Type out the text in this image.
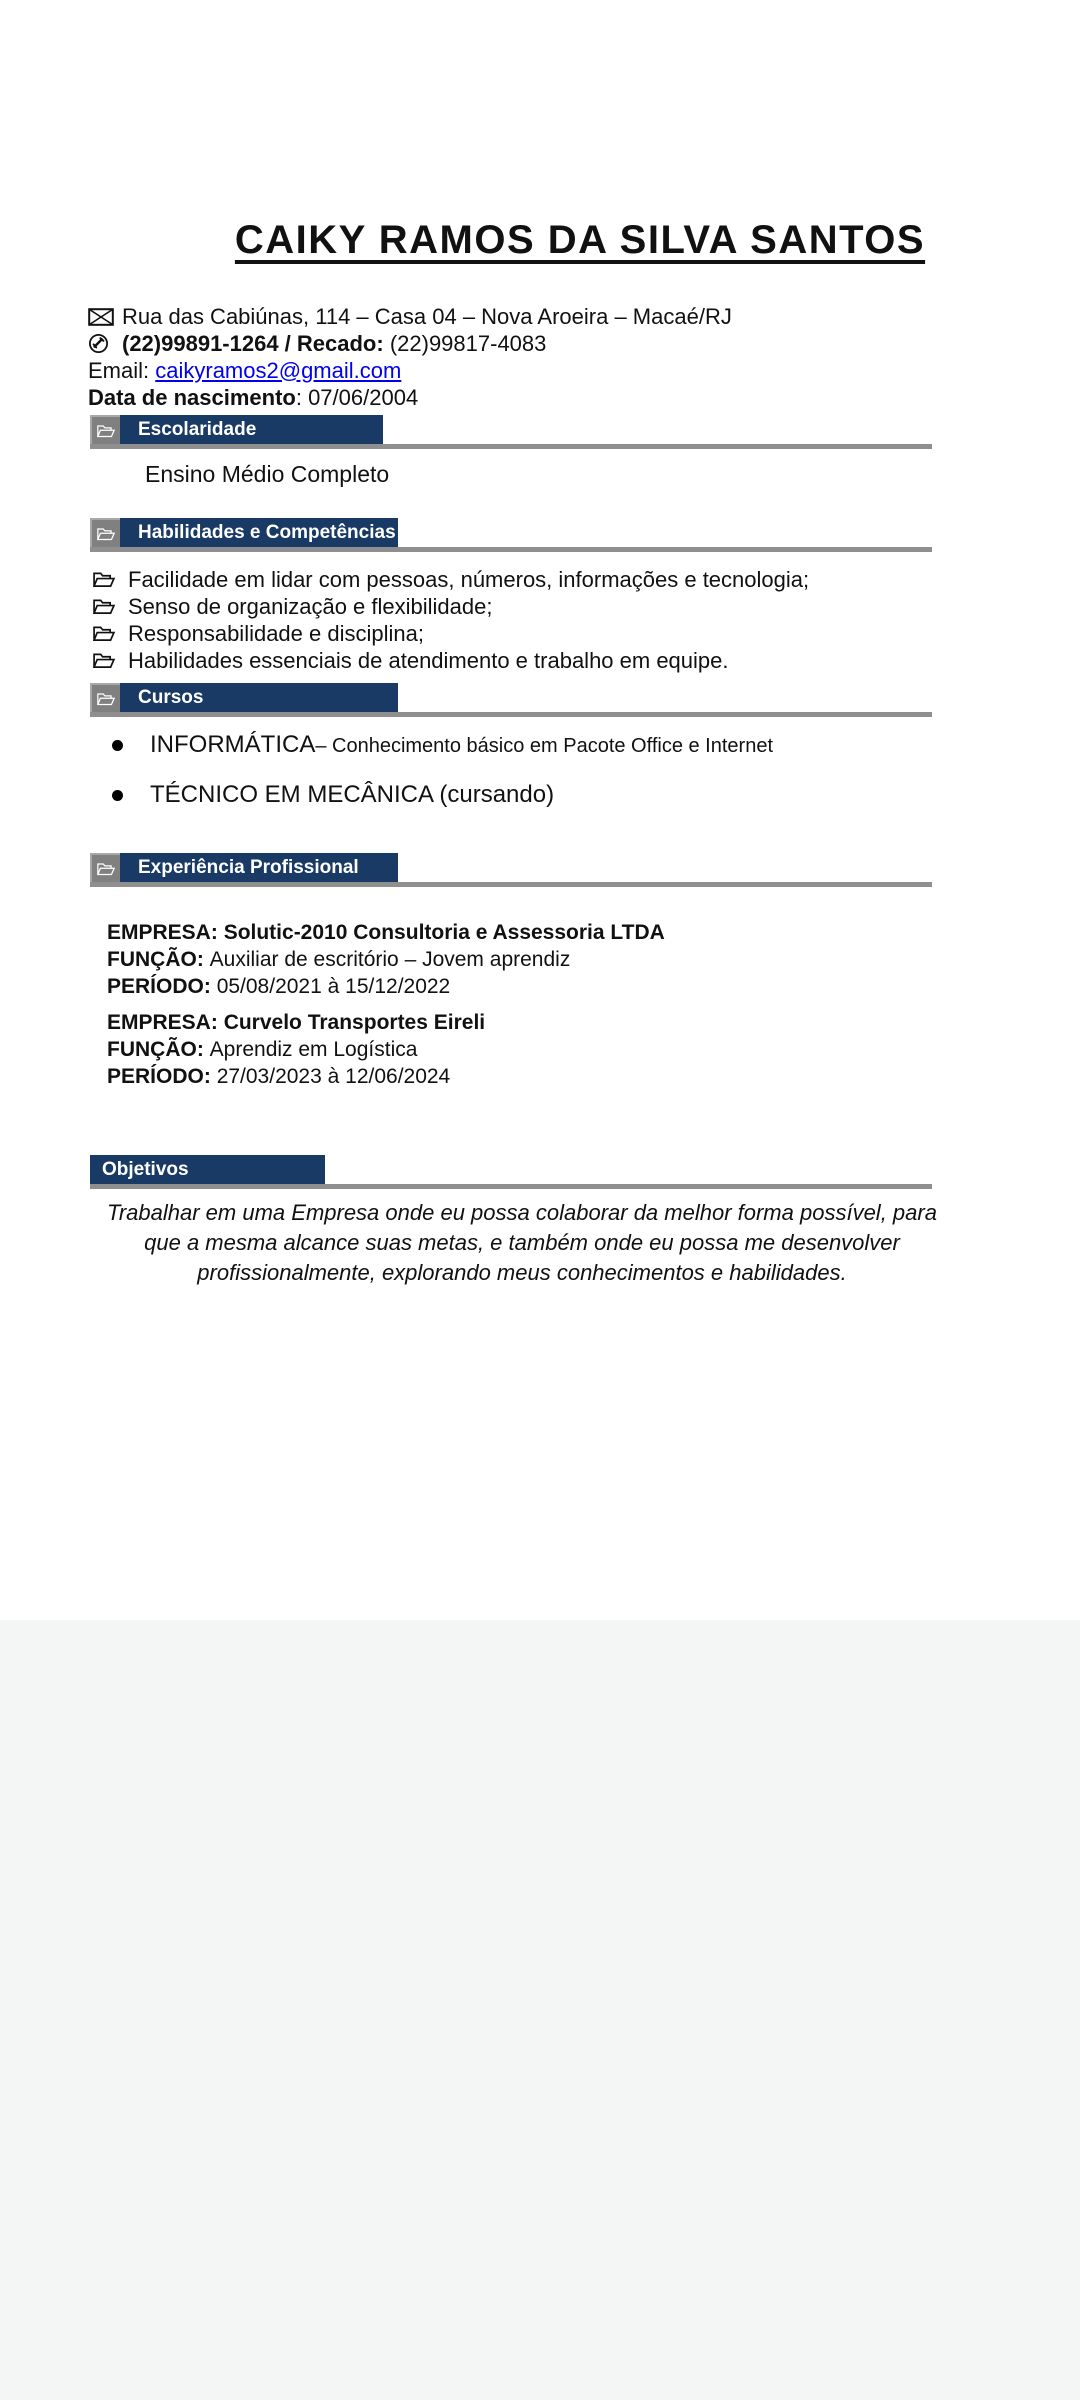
CAIKY RAMOS DA SILVA SANTOS
Rua das Cabiúnas, 114 – Casa 04 – Nova Aroeira – Macaé/RJ
(22)99891-1264 / Recado: (22)99817-4083
Email: caikyramos2@gmail.com
Data de nascimento : 07/06/2004
Escolaridade
Ensino Médio Completo
Habilidades e Competências
Facilidade em lidar com pessoas, números, informações e tecnologia;
Senso de organização e flexibilidade;
Responsabilidade e disciplina;
Habilidades essenciais de atendimento e trabalho em equipe.
Cursos
INFORMÁTICA – Conhecimento básico em Pacote Office e Internet
TÉCNICO EM MECÂNICA (cursando)
Experiência Profissional
EMPRESA: Solutic-2010 Consultoria e Assessoria LTDA
FUNÇÃO: Auxiliar de escritório – Jovem aprendiz
PERÍODO: 05/08/2021 à 15/12/2022
EMPRESA: Curvelo Transportes Eireli
FUNÇÃO: Aprendiz em Logística
PERÍODO: 27/03/2023 à 12/06/2024
Objetivos

Trabalhar em uma Empresa onde eu possa colaborar da melhor forma possível, para que a mesma alcance suas metas, e também onde eu possa me desenvolver profissionalmente, explorando meus conhecimentos e habilidades.
